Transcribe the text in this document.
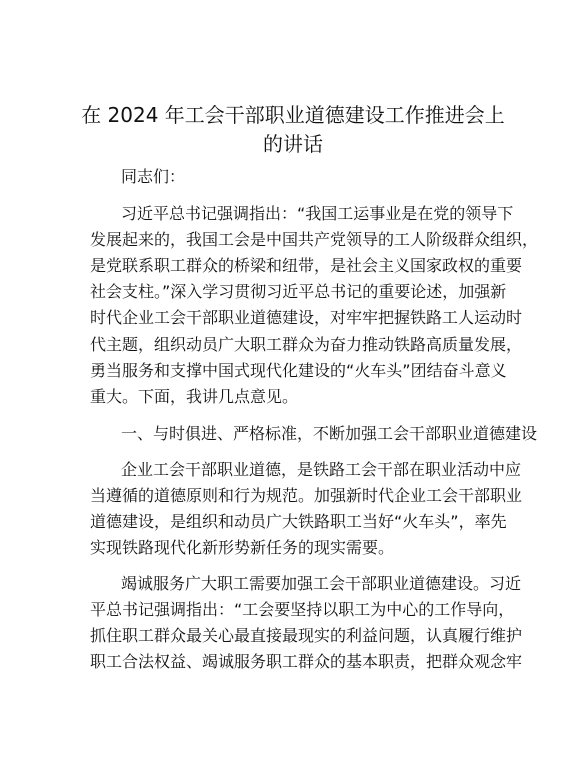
在 2024 年工会干部职业道德建设工作推进会上
的讲话
同志们：
习近平总书记强调指出：“我国工运事业是在党的领导下
发展起来的，我国工会是中国共产党领导的工人阶级群众组织，
是党联系职工群众的桥梁和纽带，是社会主义国家政权的重要
社会支柱。”深入学习贯彻习近平总书记的重要论述，加强新
时代企业工会干部职业道德建设，对牢牢把握铁路工人运动时
代主题，组织动员广大职工群众为奋力推动铁路高质量发展，
勇当服务和支撑中国式现代化建设的“火车头”团结奋斗意义
重大。下面，我讲几点意见。
一、与时俱进、严格标准，不断加强工会干部职业道德建设
企业工会干部职业道德，是铁路工会干部在职业活动中应
当遵循的道德原则和行为规范。加强新时代企业工会干部职业
道德建设，是组织和动员广大铁路职工当好“火车头”，率先
实现铁路现代化新形势新任务的现实需要。
竭诚服务广大职工需要加强工会干部职业道德建设。习近
平总书记强调指出：“工会要坚持以职工为中心的工作导向，
抓住职工群众最关心最直接最现实的利益问题，认真履行维护
职工合法权益、竭诚服务职工群众的基本职责，把群众观念牢
